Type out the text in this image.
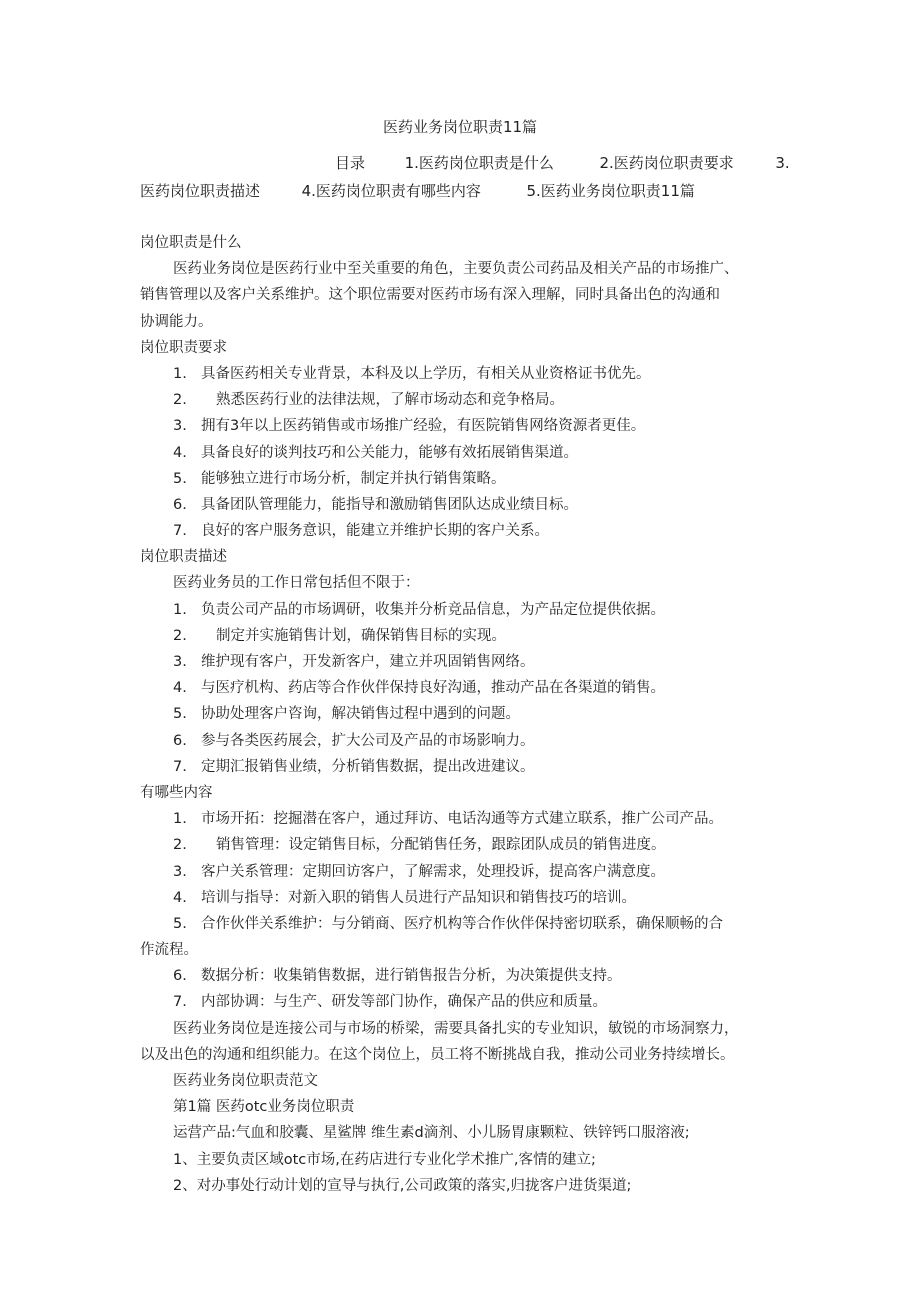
医药业务岗位职责11篇
目录	1.医药岗位职责是什么	2.医药岗位职责要求	3.
医药岗位职责描述	4.医药岗位职责有哪些内容	5.医药业务岗位职责11篇
岗位职责是什么
医药业务岗位是医药行业中至关重要的角色，主要负责公司药品及相关产品的市场推广、
销售管理以及客户关系维护。这个职位需要对医药市场有深入理解，同时具备出色的沟通和
协调能力。
岗位职责要求
1. 具备医药相关专业背景，本科及以上学历，有相关从业资格证书优先。
2. 熟悉医药行业的法律法规，了解市场动态和竞争格局。
3. 拥有3年以上医药销售或市场推广经验，有医院销售网络资源者更佳。
4. 具备良好的谈判技巧和公关能力，能够有效拓展销售渠道。
5. 能够独立进行市场分析，制定并执行销售策略。
6. 具备团队管理能力，能指导和激励销售团队达成业绩目标。
7. 良好的客户服务意识，能建立并维护长期的客户关系。
岗位职责描述
医药业务员的工作日常包括但不限于：
1. 负责公司产品的市场调研，收集并分析竞品信息，为产品定位提供依据。
2. 制定并实施销售计划，确保销售目标的实现。
3. 维护现有客户，开发新客户，建立并巩固销售网络。
4. 与医疗机构、药店等合作伙伴保持良好沟通，推动产品在各渠道的销售。
5. 协助处理客户咨询，解决销售过程中遇到的问题。
6. 参与各类医药展会，扩大公司及产品的市场影响力。
7. 定期汇报销售业绩，分析销售数据，提出改进建议。
有哪些内容
1. 市场开拓：挖掘潜在客户，通过拜访、电话沟通等方式建立联系，推广公司产品。
2. 销售管理：设定销售目标，分配销售任务，跟踪团队成员的销售进度。
3. 客户关系管理：定期回访客户，了解需求，处理投诉，提高客户满意度。
4. 培训与指导：对新入职的销售人员进行产品知识和销售技巧的培训。
5. 合作伙伴关系维护：与分销商、医疗机构等合作伙伴保持密切联系，确保顺畅的合
作流程。
6. 数据分析：收集销售数据，进行销售报告分析，为决策提供支持。
7. 内部协调：与生产、研发等部门协作，确保产品的供应和质量。
医药业务岗位是连接公司与市场的桥梁，需要具备扎实的专业知识，敏锐的市场洞察力，
以及出色的沟通和组织能力。在这个岗位上，员工将不断挑战自我，推动公司业务持续增长。
医药业务岗位职责范文
第1篇 医药otc业务岗位职责
运营产品:气血和胶囊、星鲨牌 维生素d滴剂、小儿肠胃康颗粒、铁锌钙口服溶液;
1、主要负责区域otc市场,在药店进行专业化学术推广,客情的建立;
2、对办事处行动计划的宣导与执行,公司政策的落实,归拢客户进货渠道;
